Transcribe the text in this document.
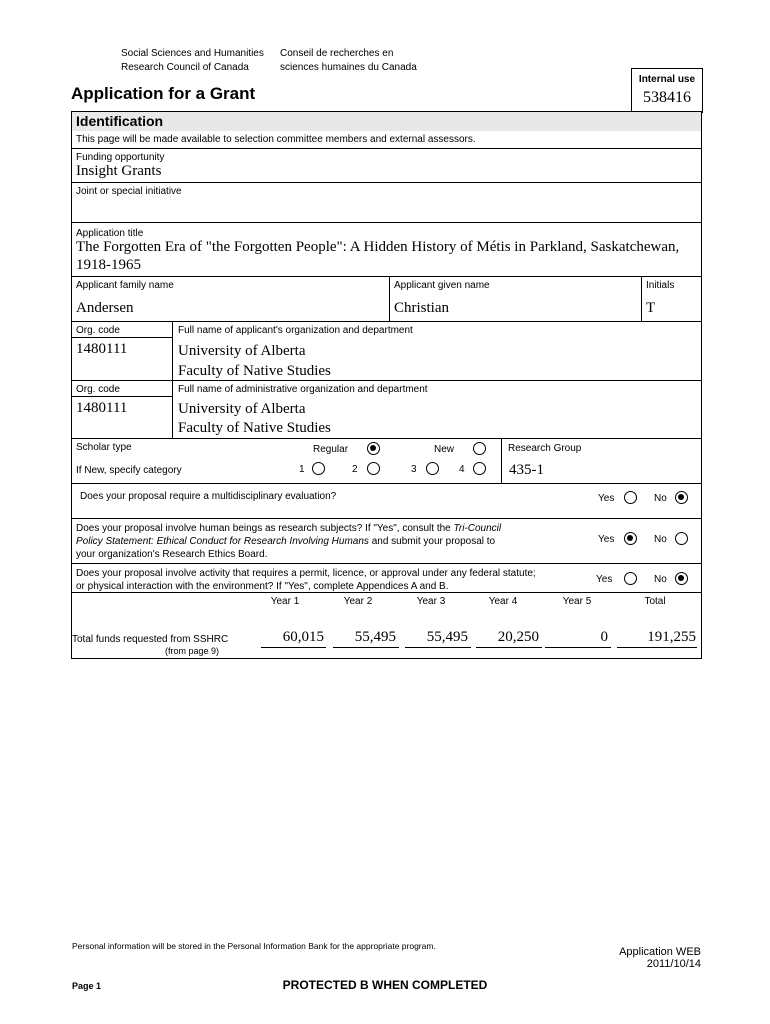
Social Sciences and Humanities
Research Council of Canada
Conseil de recherches en
sciences humaines du Canada
Internal use
538416
Application for a Grant
Identification
This page will be made available to selection committee members and external assessors.
Funding opportunity
Insight Grants
Joint or special initiative
Application title
The Forgotten Era of "the Forgotten People": A Hidden History of Métis in Parkland, Saskatchewan,
1918-1965
Applicant family name
Andersen
Applicant given name
Christian
Initials
T
Org. code	Full name of applicant's organization and department
1480111	University of Alberta
Faculty of Native Studies
Org. code	Full name of administrative organization and department
1480111	University of Alberta
Faculty of Native Studies
Scholar type	Regular	New	Research Group
If New, specify category	1	2	3	4	435-1
Does your proposal require a multidisciplinary evaluation?	Yes	No
Does your proposal involve human beings as research subjects? If "Yes", consult the Tri-Council
Policy Statement: Ethical Conduct for Research Involving Humans and submit your proposal to
your organization's Research Ethics Board.
Yes	No
Does your proposal involve activity that requires a permit, licence, or approval under any federal statute;
or physical interaction with the environment? If "Yes", complete Appendices A and B.
Yes	No
Year 1	Year 2	Year 3	Year 4	Year 5	Total
Total funds requested from SSHRC
(from page 9)
60,015	55,495	55,495	20,250	0	191,255
Personal information will be stored in the Personal Information Bank for the appropriate program.	Application WEB
2011/10/14
Page 1	PROTECTED B WHEN COMPLETED
